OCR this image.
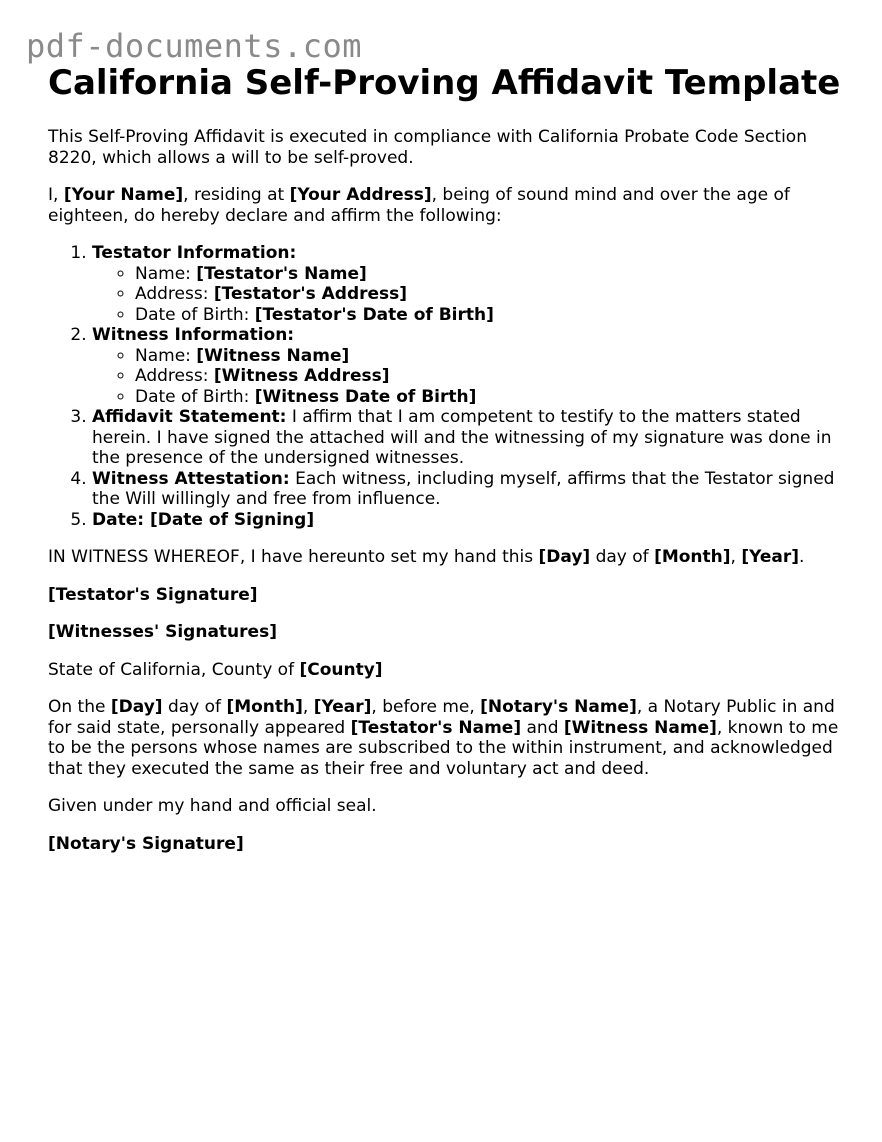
pdf-documents.com
California Self-Proving Affidavit Template

This Self-Proving Affidavit is executed in compliance with California Probate Code Section 8220, which allows a will to be self-proved.

I, [Your Name], residing at [Your Address], being of sound mind and over the age of eighteen, do hereby declare and affirm the following:

1. Testator Information:
◦ Name: [Testator's Name]
◦ Address: [Testator's Address]
◦ Date of Birth: [Testator's Date of Birth]
2. Witness Information:
◦ Name: [Witness Name]
◦ Address: [Witness Address]
◦ Date of Birth: [Witness Date of Birth]
3. Affidavit Statement: I affirm that I am competent to testify to the matters stated herein. I have signed the attached will and the witnessing of my signature was done in the presence of the undersigned witnesses.
4. Witness Attestation: Each witness, including myself, affirms that the Testator signed the Will willingly and free from influence.
5. Date: [Date of Signing]

IN WITNESS WHEREOF, I have hereunto set my hand this [Day] day of [Month], [Year].

[Testator's Signature]

[Witnesses' Signatures]

State of California, County of [County]

On the [Day] day of [Month], [Year], before me, [Notary's Name], a Notary Public in and for said state, personally appeared [Testator's Name] and [Witness Name], known to me to be the persons whose names are subscribed to the within instrument, and acknowledged that they executed the same as their free and voluntary act and deed.

Given under my hand and official seal.

[Notary's Signature]
